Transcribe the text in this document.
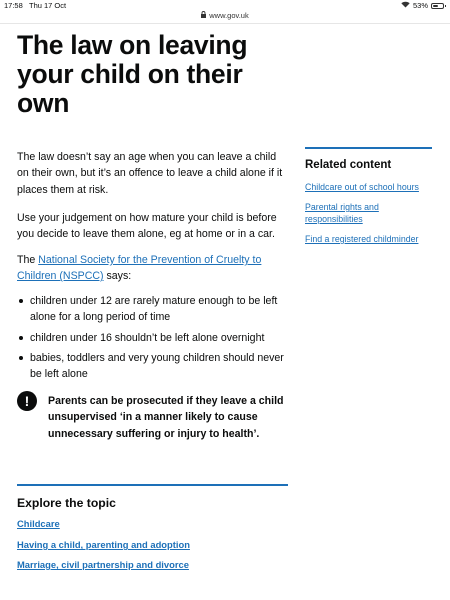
17:58 Thu 17 Oct	53%
www.gov.uk
The law on leaving your child on their own

The law doesn’t say an age when you can leave a child on their own, but it’s an offence to leave a child alone if it places them at risk.

Use your judgement on how mature your child is before you decide to leave them alone, eg at home or in a car.

The National Society for the Prevention of Cruelty to Children (NSPCC) says:

children under 12 are rarely mature enough to be left alone for a long period of time
children under 16 shouldn’t be left alone overnight
babies, toddlers and very young children should never be left alone
!	Parents can be prosecuted if they leave a child unsupervised ‘in a manner likely to cause unnecessary suffering or injury to health’.
Explore the topic
Childcare
Having a child, parenting and adoption
Marriage, civil partnership and divorce
Related content
Childcare out of school hours
Parental rights and responsibilities
Find a registered childminder
